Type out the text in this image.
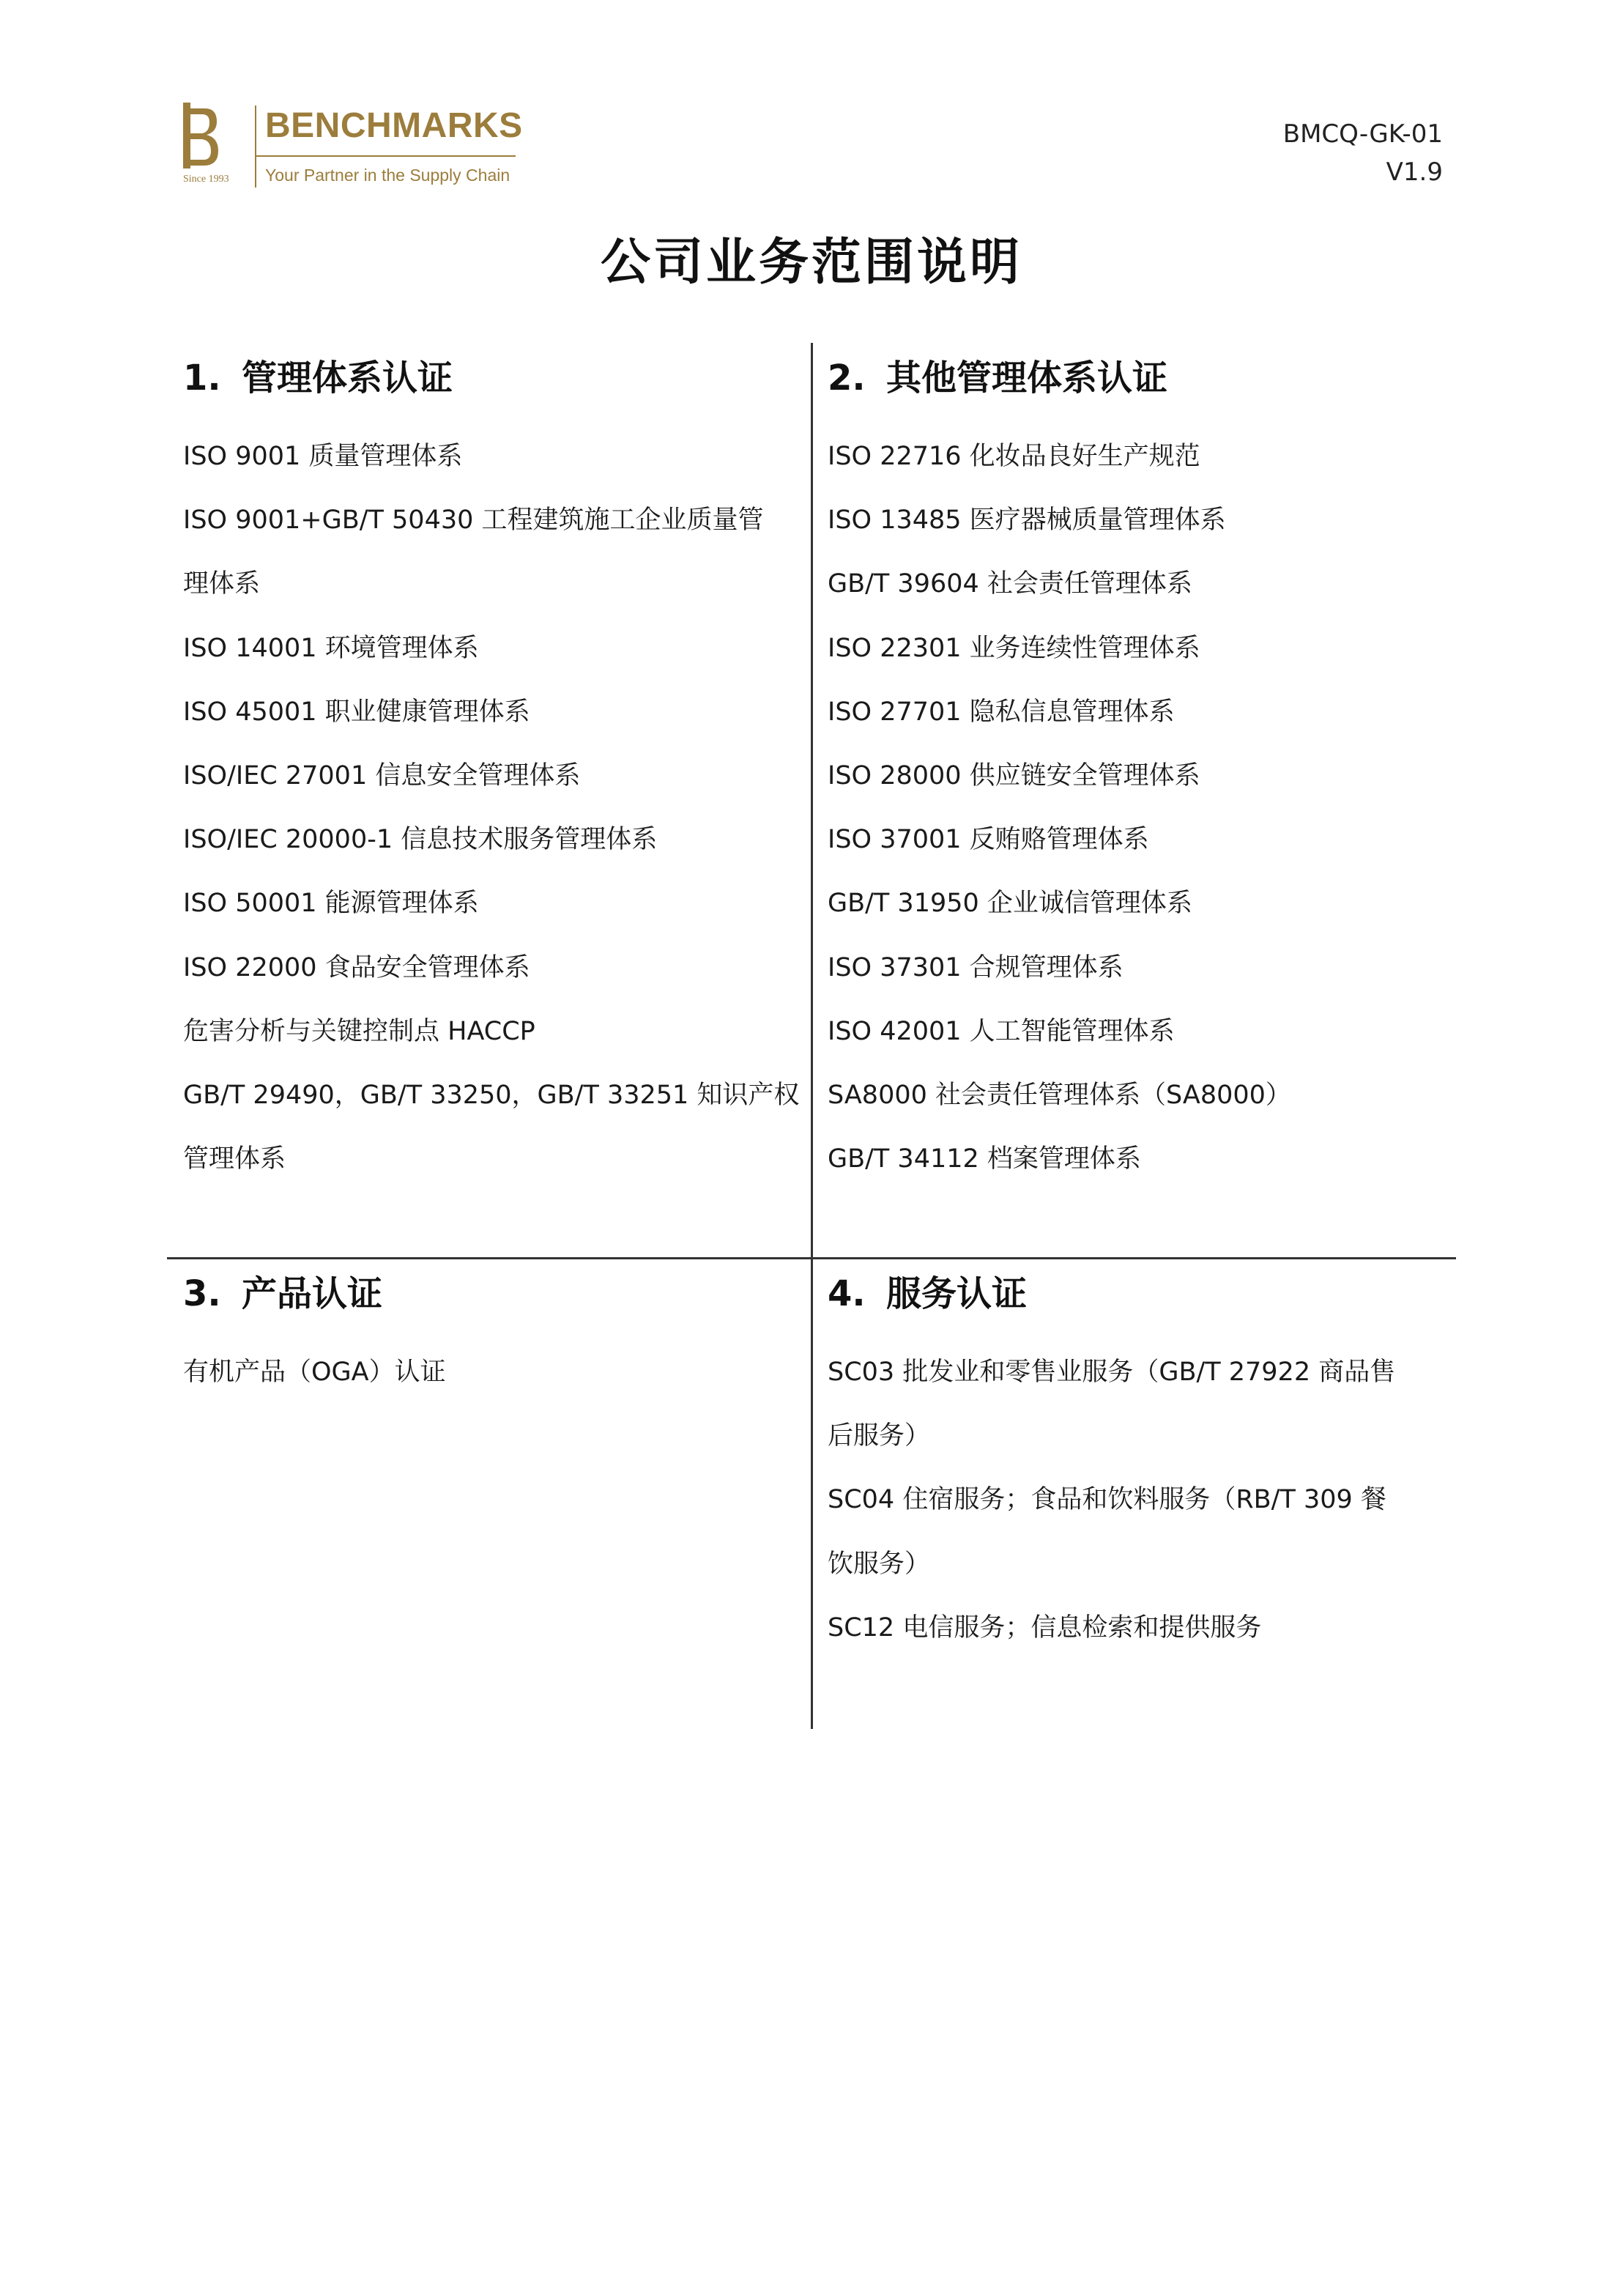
BENCHMARKS
Your Partner in the Supply Chain
Since 1993
BMCQ-GK-01
V1.9
公司业务范围说明
1. 管理体系认证
ISO 9001 质量管理体系
ISO 9001+GB/T 50430 工程建筑施工企业质量管
理体系
ISO 14001 环境管理体系
ISO 45001 职业健康管理体系
ISO/IEC 27001 信息安全管理体系
ISO/IEC 20000-1 信息技术服务管理体系
ISO 50001 能源管理体系
ISO 22000 食品安全管理体系
危害分析与关键控制点 HACCP
GB/T 29490，GB/T 33250，GB/T 33251 知识产权
管理体系
2. 其他管理体系认证
ISO 22716 化妆品良好生产规范
ISO 13485 医疗器械质量管理体系
GB/T 39604 社会责任管理体系
ISO 22301 业务连续性管理体系
ISO 27701 隐私信息管理体系
ISO 28000 供应链安全管理体系
ISO 37001 反贿赂管理体系
GB/T 31950 企业诚信管理体系
ISO 37301 合规管理体系
ISO 42001 人工智能管理体系
SA8000 社会责任管理体系（SA8000）
GB/T 34112 档案管理体系
3. 产品认证
有机产品（OGA）认证
4. 服务认证
SC03 批发业和零售业服务（GB/T 27922 商品售
后服务）
SC04 住宿服务；食品和饮料服务（RB/T 309 餐
饮服务）
SC12 电信服务；信息检索和提供服务
